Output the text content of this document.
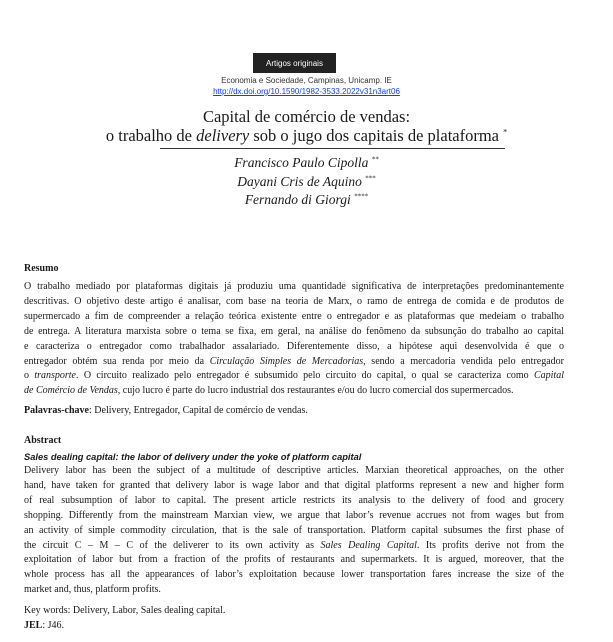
Artigos originais
Economia e Sociedade, Campinas, Unicamp. IE
http://dx.doi.org/10.1590/1982-3533.2022v31n3art06
Capital de comércio de vendas:
o trabalho de delivery sob o jugo dos capitais de plataforma *
Francisco Paulo Cipolla **
Dayani Cris de Aquino ***
Fernando di Giorgi ****
Resumo
O trabalho mediado por plataformas digitais já produziu uma quantidade significativa de interpretações predominantemente
descritivas. O objetivo deste artigo é analisar, com base na teoria de Marx, o ramo de entrega de comida e de produtos de
supermercado a fim de compreender a relação teórica existente entre o entregador e as plataformas que medeiam o trabalho
de entrega. A literatura marxista sobre o tema se fixa, em geral, na análise do fenômeno da subsunção do trabalho ao capital
e caracteriza o entregador como trabalhador assalariado. Diferentemente disso, a hipótese aqui desenvolvida é que o
entregador obtém sua renda por meio da Circulação Simples de Mercadorias, sendo a mercadoria vendida pelo entregador
o transporte. O circuito realizado pelo entregador é subsumido pelo circuito do capital, o qual se caracteriza como Capital
de Comércio de Vendas, cujo lucro é parte do lucro industrial dos restaurantes e/ou do lucro comercial dos supermercados.
Palavras-chave: Delivery, Entregador, Capital de comércio de vendas.
Abstract
Sales dealing capital: the labor of delivery under the yoke of platform capital
Delivery labor has been the subject of a multitude of descriptive articles. Marxian theoretical approaches, on the other
hand, have taken for granted that delivery labor is wage labor and that digital platforms represent a new and higher form
of real subsumption of labor to capital. The present article restricts its analysis to the delivery of food and grocery
shopping. Differently from the mainstream Marxian view, we argue that labor’s revenue accrues not from wages but from
an activity of simple commodity circulation, that is the sale of transportation. Platform capital subsumes the first phase of
the circuit C – M – C of the deliverer to its own activity as Sales Dealing Capital. Its profits derive not from the
exploitation of labor but from a fraction of the profits of restaurants and supermarkets. It is argued, moreover, that the
whole process has all the appearances of labor’s exploitation because lower transportation fares increase the size of the
market and, thus, platform profits.
Key words: Delivery, Labor, Sales dealing capital.
JEL: J46.
